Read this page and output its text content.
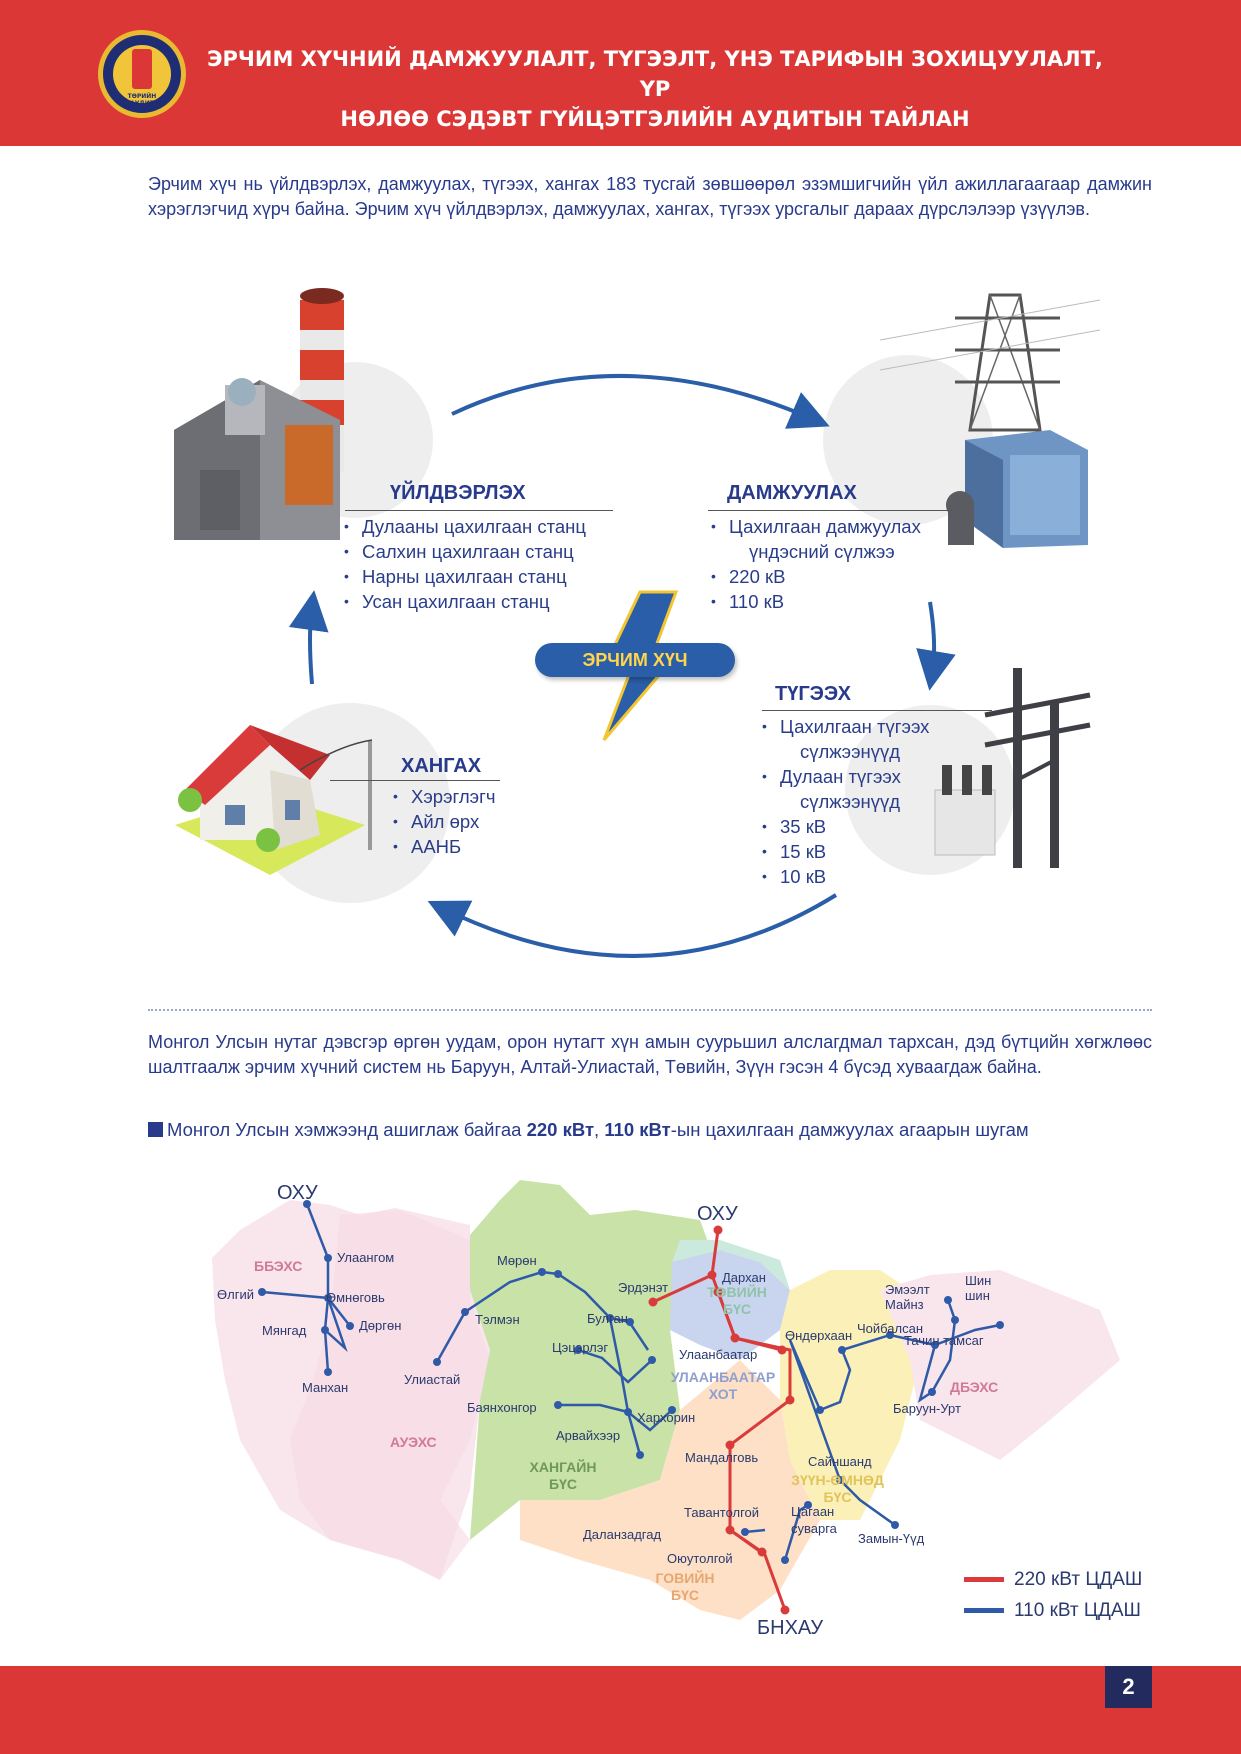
ТӨРИЙН АУДИТ
ЭРЧИМ ХҮЧНИЙ ДАМЖУУЛАЛТ, ТҮГЭЭЛТ, ҮНЭ ТАРИФЫН ЗОХИЦУУЛАЛТ, ҮР
НӨЛӨӨ СЭДЭВТ ГҮЙЦЭТГЭЛИЙН АУДИТЫН ТАЙЛАН
Эрчим хүч нь үйлдвэрлэх, дамжуулах, түгээх, хангах 183 тусгай зөвшөөрөл эзэмшигчийн үйл ажиллагаагаар дамжин хэрэглэгчид хүрч байна. Эрчим хүч үйлдвэрлэх, дамжуулах, хангах, түгээх урсгалыг дараах дүрслэлээр үзүүлэв.
ҮЙЛДВЭРЛЭХ
• Дулааны цахилгаан станц
• Салхин цахилгаан станц
• Нарны цахилгаан станц
• Усан цахилгаан станц
ДАМЖУУЛАХ
• Цахилгаан дамжуулах
үндэсний сүлжээ
• 220 кВ
• 110 кВ
ЭРЧИМ ХҮЧ
ТҮГЭЭХ
• Цахилгаан түгээх
сүлжээнүүд
• Дулаан түгээх
сүлжээнүүд
• 35 кВ
• 15 кВ
• 10 кВ
ХАНГАХ
• Хэрэглэгч
• Айл өрх
• ААНБ
Монгол Улсын нутаг дэвсгэр өргөн уудам, орон нутагт хүн амын суурьшил алслагдмал тархсан, дэд бүтцийн хөгжлөөс шалтгаалж эрчим хүчний систем нь Баруун, Алтай-Улиастай, Төвийн, Зүүн гэсэн 4 бүсэд хуваагдаж байна.
Монгол Улсын хэмжээнд ашиглаж байгаа 220 кВт, 110 кВт-ын цахилгаан дамжуулах агаарын шугам
ОХУ
ОХУ
БНХАУ
ББЭХС
АУЭХС
ТӨВИЙН БҮС
УЛААНБААТАР ХОТ
ХАНГАЙН БҮС
ДБЭХС
ЗҮҮН-ӨМНӨД БҮС
ГОВИЙН БҮС
Улаангом
Өлгий	Өмнөговь
Мянгад	Дөргөн
Манхан
Улиастай
Тэлмэн
Мөрөн
Эрдэнэт
Булган
Дархан
Цэцэрлэг	Улаанбаатар
Баянхонгор
Арвайхээр
Хархорин
Өндөрхаан Чойбалсан
Эмээлт Майнз
Шин шин
Тачин тамсаг
Баруун-Урт
Мандалговь	Сайншанд
Тавантолгой Цагаан суварга
Даланзадгад	Замын-Үүд
Оюутолгой
220 кВт ЦДАШ
110 кВт ЦДАШ
2
